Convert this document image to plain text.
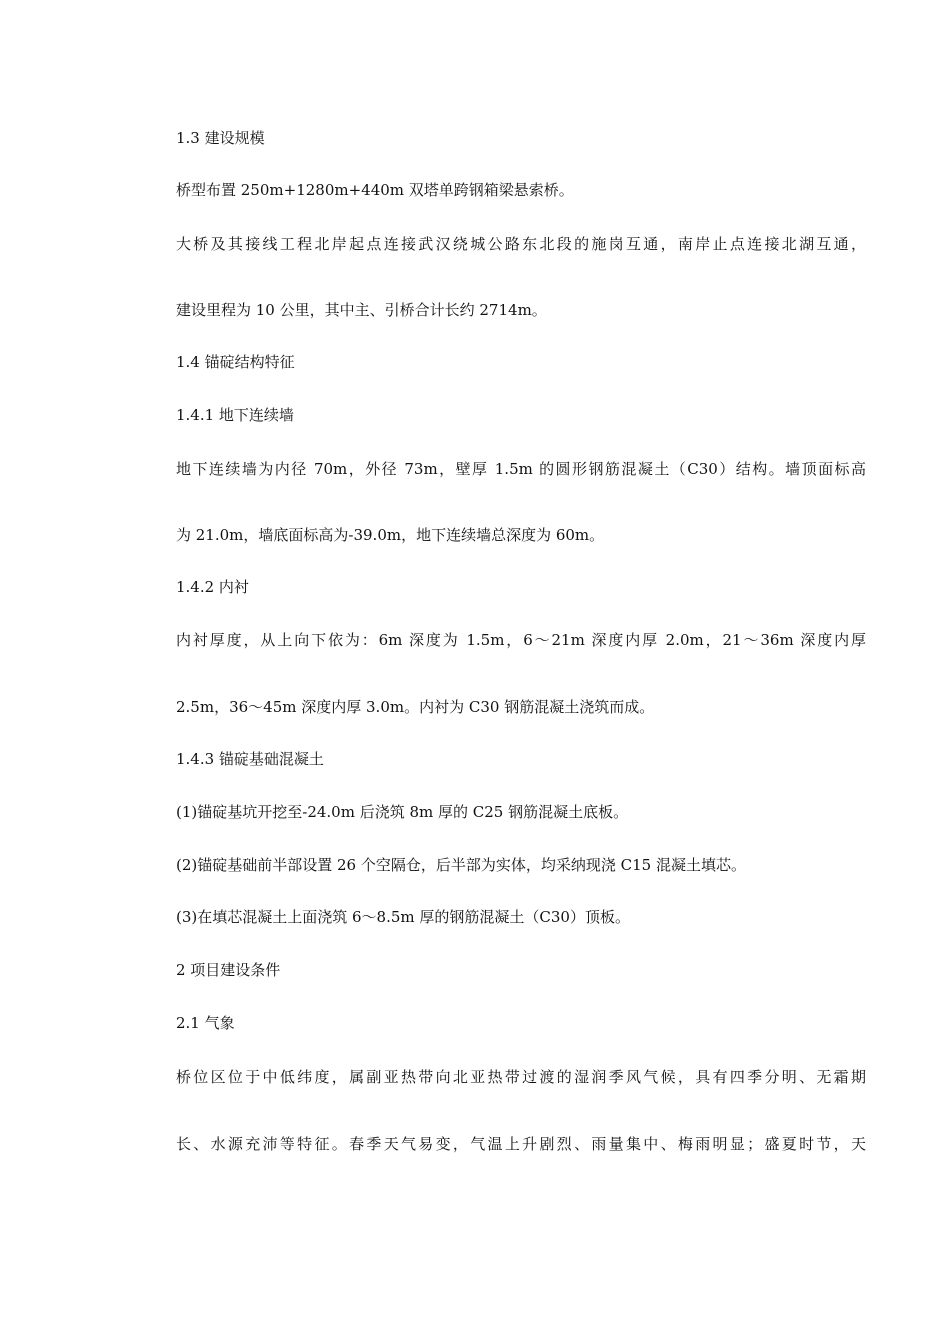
1.3 建设规模

桥型布置 250m+1280m+440m 双塔单跨钢箱梁悬索桥。

大桥及其接线工程北岸起点连接武汉绕城公路东北段的施岗互通，南岸止点连接北湖互通，

建设里程为 10 公里，其中主、引桥合计长约 2714m。

1.4 锚碇结构特征

1.4.1 地下连续墙

地下连续墙为内径 70m，外径 73m，壁厚 1.5m 的圆形钢筋混凝土（C30）结构。墙顶面标高

为 21.0m，墙底面标高为-39.0m，地下连续墙总深度为 60m。

1.4.2 内衬

内衬厚度，从上向下依为：6m 深度为 1.5m，6～21m 深度内厚 2.0m，21～36m 深度内厚

2.5m，36～45m 深度内厚 3.0m。内衬为 C30 钢筋混凝土浇筑而成。

1.4.3 锚碇基础混凝土

(1)锚碇基坑开挖至-24.0m 后浇筑 8m 厚的 C25 钢筋混凝土底板。

(2)锚碇基础前半部设置 26 个空隔仓，后半部为实体，均采纳现浇 C15 混凝土填芯。

(3)在填芯混凝土上面浇筑 6～8.5m 厚的钢筋混凝土（C30）顶板。

2 项目建设条件

2.1 气象

桥位区位于中低纬度，属副亚热带向北亚热带过渡的湿润季风气候，具有四季分明、无霜期

长、水源充沛等特征。春季天气易变，气温上升剧烈、雨量集中、梅雨明显；盛夏时节，天
